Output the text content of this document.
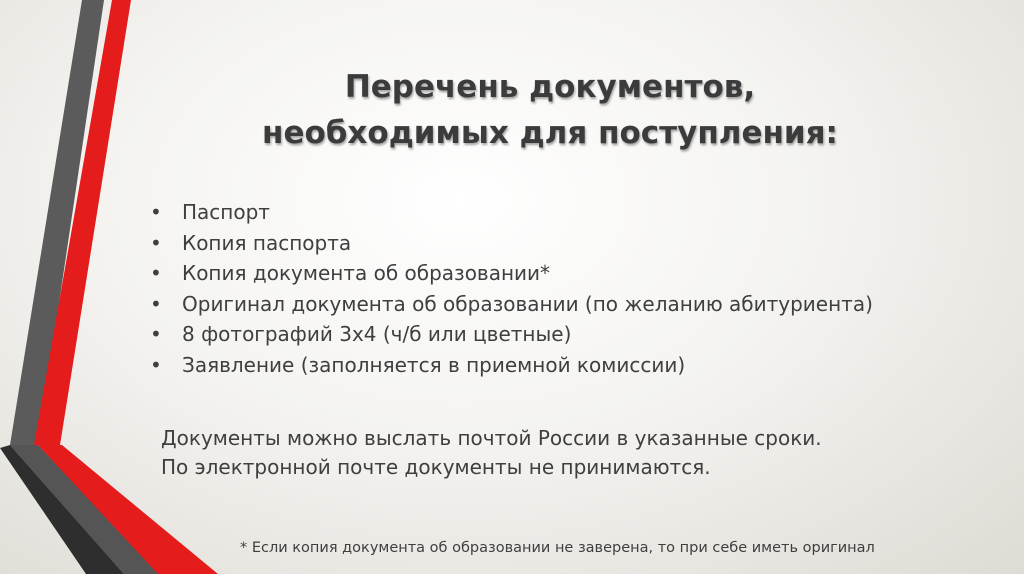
Перечень документов,
необходимых для поступления:
• Паспорт
• Копия паспорта
• Копия документа об образовании*
• Оригинал документа об образовании (по желанию абитуриента)
• 8 фотографий 3х4 (ч/б или цветные)
• Заявление (заполняется в приемной комиссии)
Документы можно выслать почтой России в указанные сроки.
По электронной почте документы не принимаются.
* Если копия документа об образовании не заверена, то при себе иметь оригинал
